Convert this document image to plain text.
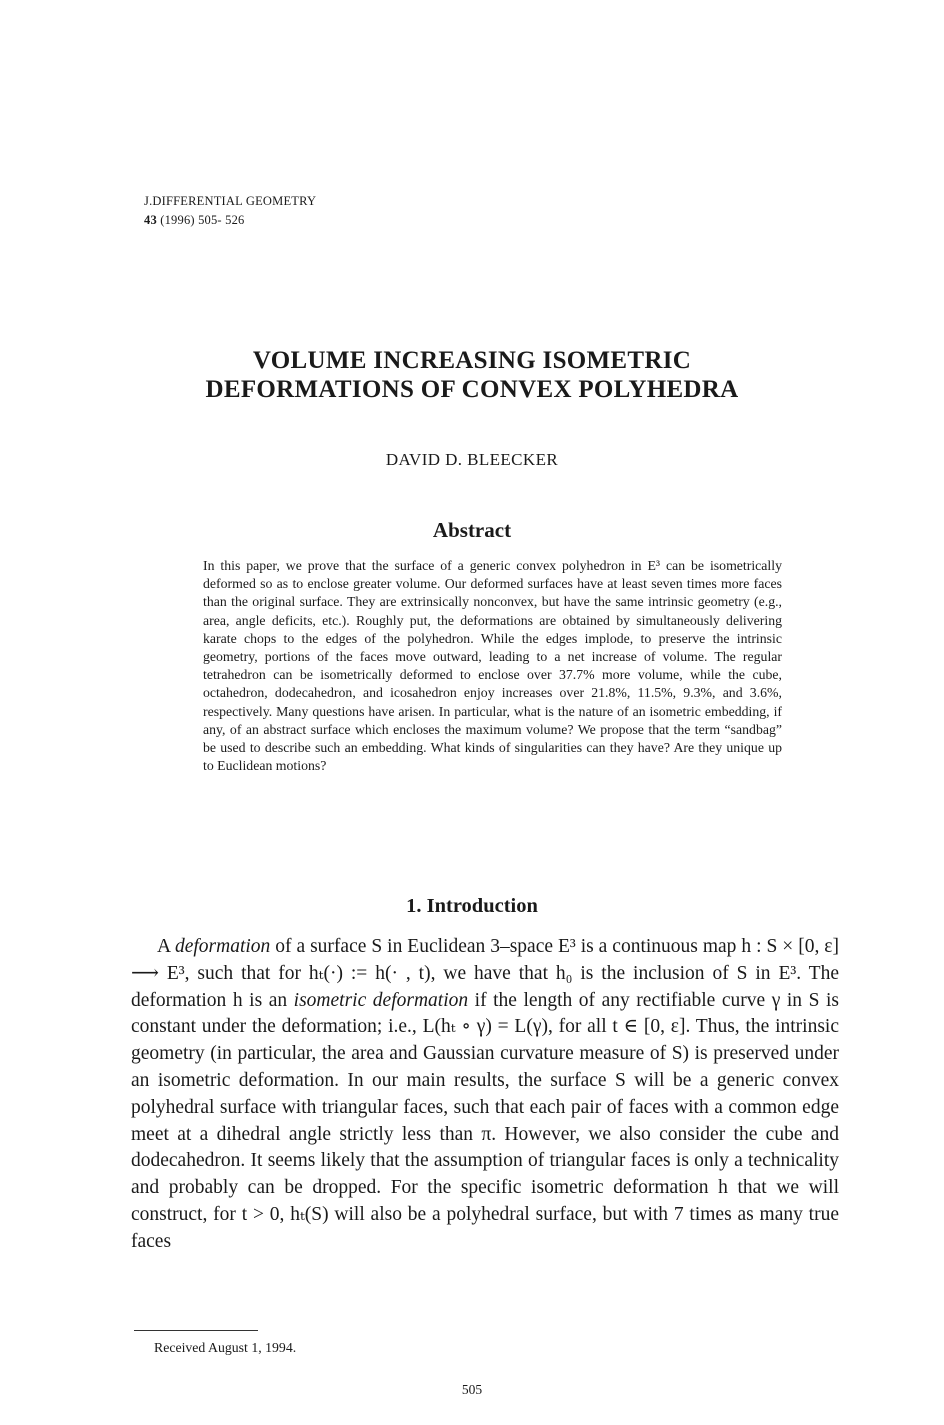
J.DIFFERENTIAL GEOMETRY
43 (1996) 505- 526
VOLUME INCREASING ISOMETRIC
DEFORMATIONS OF CONVEX POLYHEDRA
DAVID D. BLEECKER
Abstract
In this paper, we prove that the surface of a generic convex polyhedron in E³ can be isometrically deformed so as to enclose greater volume. Our deformed surfaces have at least seven times more faces than the original surface. They are extrinsically nonconvex, but have the same intrinsic geometry (e.g., area, angle deficits, etc.). Roughly put, the deformations are obtained by simultaneously delivering karate chops to the edges of the polyhedron. While the edges implode, to preserve the intrinsic geometry, portions of the faces move outward, leading to a net increase of volume. The regular tetrahedron can be isometrically deformed to enclose over 37.7% more volume, while the cube, octahedron, dodecahedron, and icosahedron enjoy increases over 21.8%, 11.5%, 9.3%, and 3.6%, respectively. Many questions have arisen. In particular, what is the nature of an isometric embedding, if any, of an abstract surface which encloses the maximum volume? We propose that the term “sandbag” be used to describe such an embedding. What kinds of singularities can they have? Are they unique up to Euclidean motions?
1. Introduction

A deformation of a surface S in Euclidean 3–space E³ is a continuous map h : S × [0, ε] ⟶ E³, such that for hₜ(·) := h(· , t), we have that h₀ is the inclusion of S in E³. The deformation h is an isometric deformation if the length of any rectifiable curve γ in S is constant under the deformation; i.e., L(hₜ ∘ γ) = L(γ), for all t ∈ [0, ε]. Thus, the intrinsic geometry (in particular, the area and Gaussian curvature measure of S) is preserved under an isometric deformation. In our main results, the surface S will be a generic convex polyhedral surface with triangular faces, such that each pair of faces with a common edge meet at a dihedral angle strictly less than π. However, we also consider the cube and dodecahedron. It seems likely that the assumption of triangular faces is only a technicality and probably can be dropped. For the specific isometric deformation h that we will construct, for t > 0, hₜ(S) will also be a polyhedral surface, but with 7 times as many true faces

Received August 1, 1994.
505
